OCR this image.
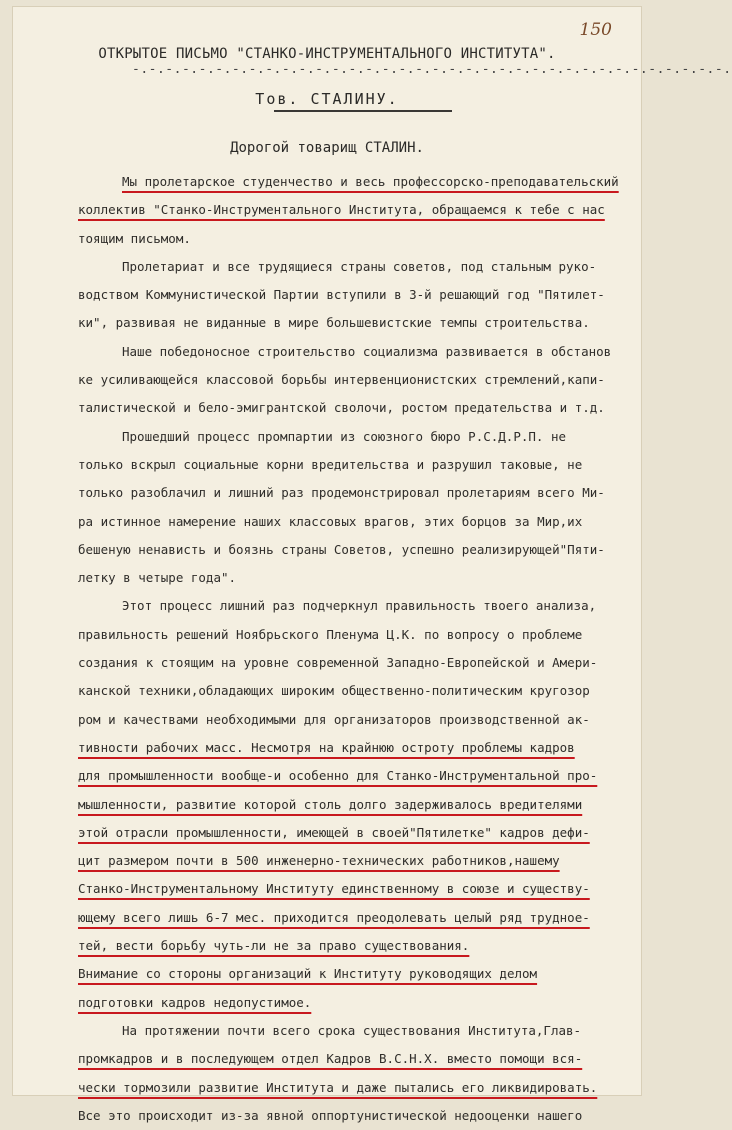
150
ОТКРЫТОЕ ПИСЬМО "СТАНКО-ИНСТРУМЕНТАЛЬНОГО ИНСТИТУТА".
-.-.-.-.-.-.-.-.-.-.-.-.-.-.-.-.-.-.-.-.-.-.-.-.-.-.-.-.-.-.-.-.-.-.-.-.
Тов. СТАЛИНУ.
Дорогой товарищ СТАЛИН.
Мы пролетарское студенчество и весь профессорско-преподавательский
коллектив "Станко-Инструментального Института, обращаемся к тебе с нас
тоящим письмом.
Пролетариат и все трудящиеся страны советов, под стальным руко-
водством Коммунистической Партии вступили в 3-й решающий год "Пятилет-
ки", развивая не виданные в мире большевистские темпы строительства.
Наше победоносное строительство социализма развивается в обстанов
ке усиливающейся классовой борьбы интервенционистских стремлений,капи-
талистической и бело-эмигрантской сволочи, ростом предательства и т.д.
Прошедший процесс промпартии из союзного бюро Р.С.Д.Р.П. не
только вскрыл социальные корни вредительства и разрушил таковые, не
только разоблачил и лишний раз продемонстрировал пролетариям всего Ми-
ра истинное намерение наших классовых врагов, этих борцов за Мир,их
бешеную ненависть и боязнь страны Советов, успешно реализирующей"Пяти-
летку в четыре года".
Этот процесс лишний раз подчеркнул правильность твоего анализа,
правильность решений Ноябрьского Пленума Ц.К. по вопросу о проблеме
создания к стоящим на уровне современной Западно-Европейской и Амери-
канской техники,обладающих широким общественно-политическим кругозор
ром и качествами необходимыми для организаторов производственной ак-
тивности рабочих масс. Несмотря на крайнюю остроту проблемы кадров
для промышленности вообще-и особенно для Станко-Инструментальной про-
мышленности, развитие которой столь долго задерживалось вредителями
этой отрасли промышленности, имеющей в своей"Пятилетке" кадров дефи-
цит размером почти в 500 инженерно-технических работников,нашему
Станко-Инструментальному Институту единственному в союзе и существу-
ющему всего лишь 6-7 мес. приходится преодолевать целый ряд трудное-
тей, вести борьбу чуть-ли не за право существования.
Внимание со стороны организаций к Институту руководящих делом
подготовки кадров недопустимое.
На протяжении почти всего срока существования Института,Глав-
промкадров и в последующем отдел Кадров В.С.Н.Х. вместо помощи вся-
чески тормозили развитие Института и даже пытались его ликвидировать.
Все это происходит из-за явной оппортунистической недооценки нашего
